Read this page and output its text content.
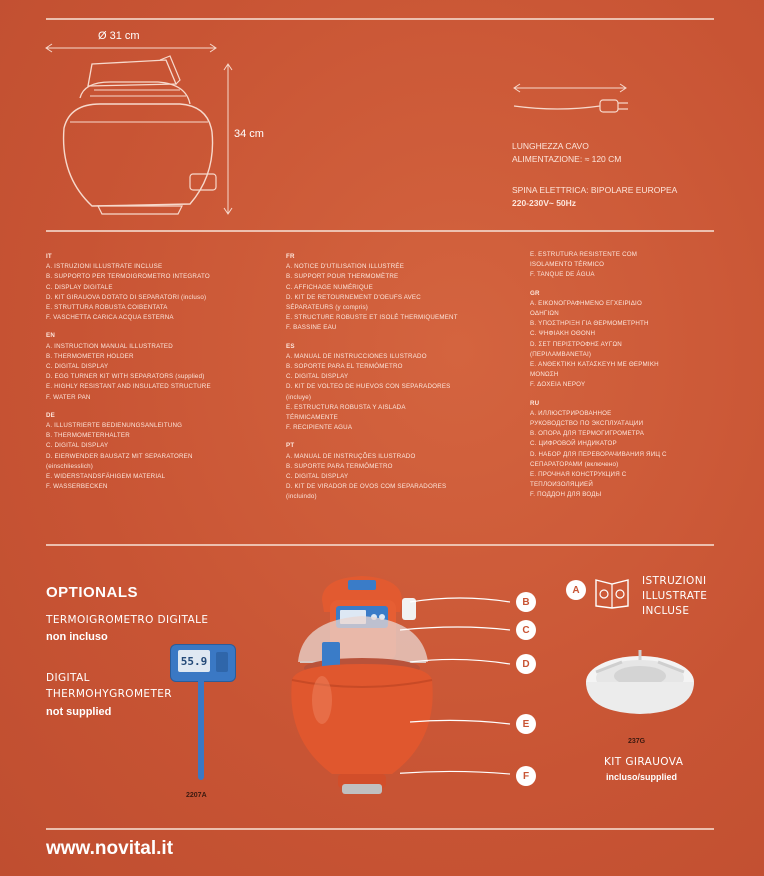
Ø 31 cm
34 cm
LUNGHEZZA CAVO
ALIMENTAZIONE: ≈ 120 CM
SPINA ELETTRICA: BIPOLARE EUROPEA
220-230V~ 50Hz
IT
A. ISTRUZIONI ILLUSTRATE INCLUSE
B. SUPPORTO PER TERMOIGROMETRO INTEGRATO
C. DISPLAY DIGITALE
D. KIT GIRAUOVA DOTATO DI SEPARATORI (incluso)
E. STRUTTURA ROBUSTA COIBENTATA
F. VASCHETTA CARICA ACQUA ESTERNA
EN
A. INSTRUCTION MANUAL ILLUSTRATED
B. THERMOMETER HOLDER
C. DIGITAL DISPLAY
D. EGG TURNER KIT WITH SEPARATORS (supplied)
E. HIGHLY RESISTANT AND INSULATED STRUCTURE
F. WATER PAN
DE
A. ILLUSTRIERTE BEDIENUNGSANLEITUNG
B. THERMOMETERHALTER
C. DIGITAL DISPLAY
D. EIERWENDER BAUSATZ MIT SEPARATOREN
(einschliesslich)
E. WIDERSTANDSFÄHIGEM MATERIAL
F. WASSERBECKEN
FR
A. NOTICE D'UTILISATION ILLUSTRÉE
B. SUPPORT POUR THERMOMÈTRE
C. AFFICHAGE NUMÉRIQUE
D. KIT DE RETOURNEMENT D'OEUFS AVEC
SÉPARATEURS (y compris)
E. STRUCTURE ROBUSTE ET ISOLÉ THERMIQUEMENT
F. BASSINE EAU
ES
A. MANUAL DE INSTRUCCIONES ILUSTRADO
B. SOPORTE PARA EL TERMÓMETRO
C. DIGITAL DISPLAY
D. KIT DE VOLTEO DE HUEVOS CON SEPARADORES
(incluye)
E. ESTRUCTURA ROBUSTA Y AISLADA
TÉRMICAMENTE
F. RECIPIENTE AGUA
PT
A. MANUAL DE INSTRUÇÕES ILUSTRADO
B. SUPORTE PARA TERMÔMETRO
C. DIGITAL DISPLAY
D. KIT DE VIRADOR DE OVOS COM SEPARADORES
(incluindo)
E. ESTRUTURA RESISTENTE COM
ISOLAMENTO TÉRMICO
F. TANQUE DE ÁGUA
GR
A. ΕΙΚΟΝΟΓΡΑΦΗΜΕΝΟ ΕΓΧΕΙΡΙΔΙΟ
ΟΔΗΓΙΩΝ
B. ΥΠΟΣΤΗΡΙΞΗ ΓΙΑ ΘΕΡΜΟΜΕΤΡΗΤΗ
C. ΨΗΦΙΑΚΗ ΟΘΟΝΗ
D. ΣΕΤ ΠΕΡΙΣΤΡΟΦΗΣ ΑΥΓΩΝ
(ΠΕΡΙΛΑΜΒΑΝΕΤΑΙ)
E. ΑΝΘΕΚΤΙΚΗ ΚΑΤΑΣΚΕΥΗ ΜΕ ΘΕΡΜΙΚΗ
ΜΟΝΩΣΗ
F. ΔΟΧΕΙΑ ΝΕΡΟΥ
RU
A. ИЛЛЮСТРИРОВАННОЕ
РУКОВОДСТВО ПО ЭКСПЛУАТАЦИИ
B. ОПОРА ДЛЯ ТЕРМОГИГРОМЕТРА
C. ЦИФРОВОЙ ИНДИКАТОР
D. НАБОР ДЛЯ ПЕРЕВОРАЧИВАНИЯ ЯИЦ С
СЕПАРАТОРАМИ (включено)
E. ПРОЧНАЯ КОНСТРУКЦИЯ С
ТЕПЛОИЗОЛЯЦИЕЙ
F. ПОДДОН ДЛЯ ВОДЫ
OPTIONALS
TERMOIGROMETRO DIGITALE
non incluso
DIGITAL
THERMOHYGROMETER
not supplied
55.9
2207A
B
C
D
E
F
A
ISTRUZIONI
ILLUSTRATE
INCLUSE
237G
KIT GIRAUOVA
incluso/supplied
www.novital.it
